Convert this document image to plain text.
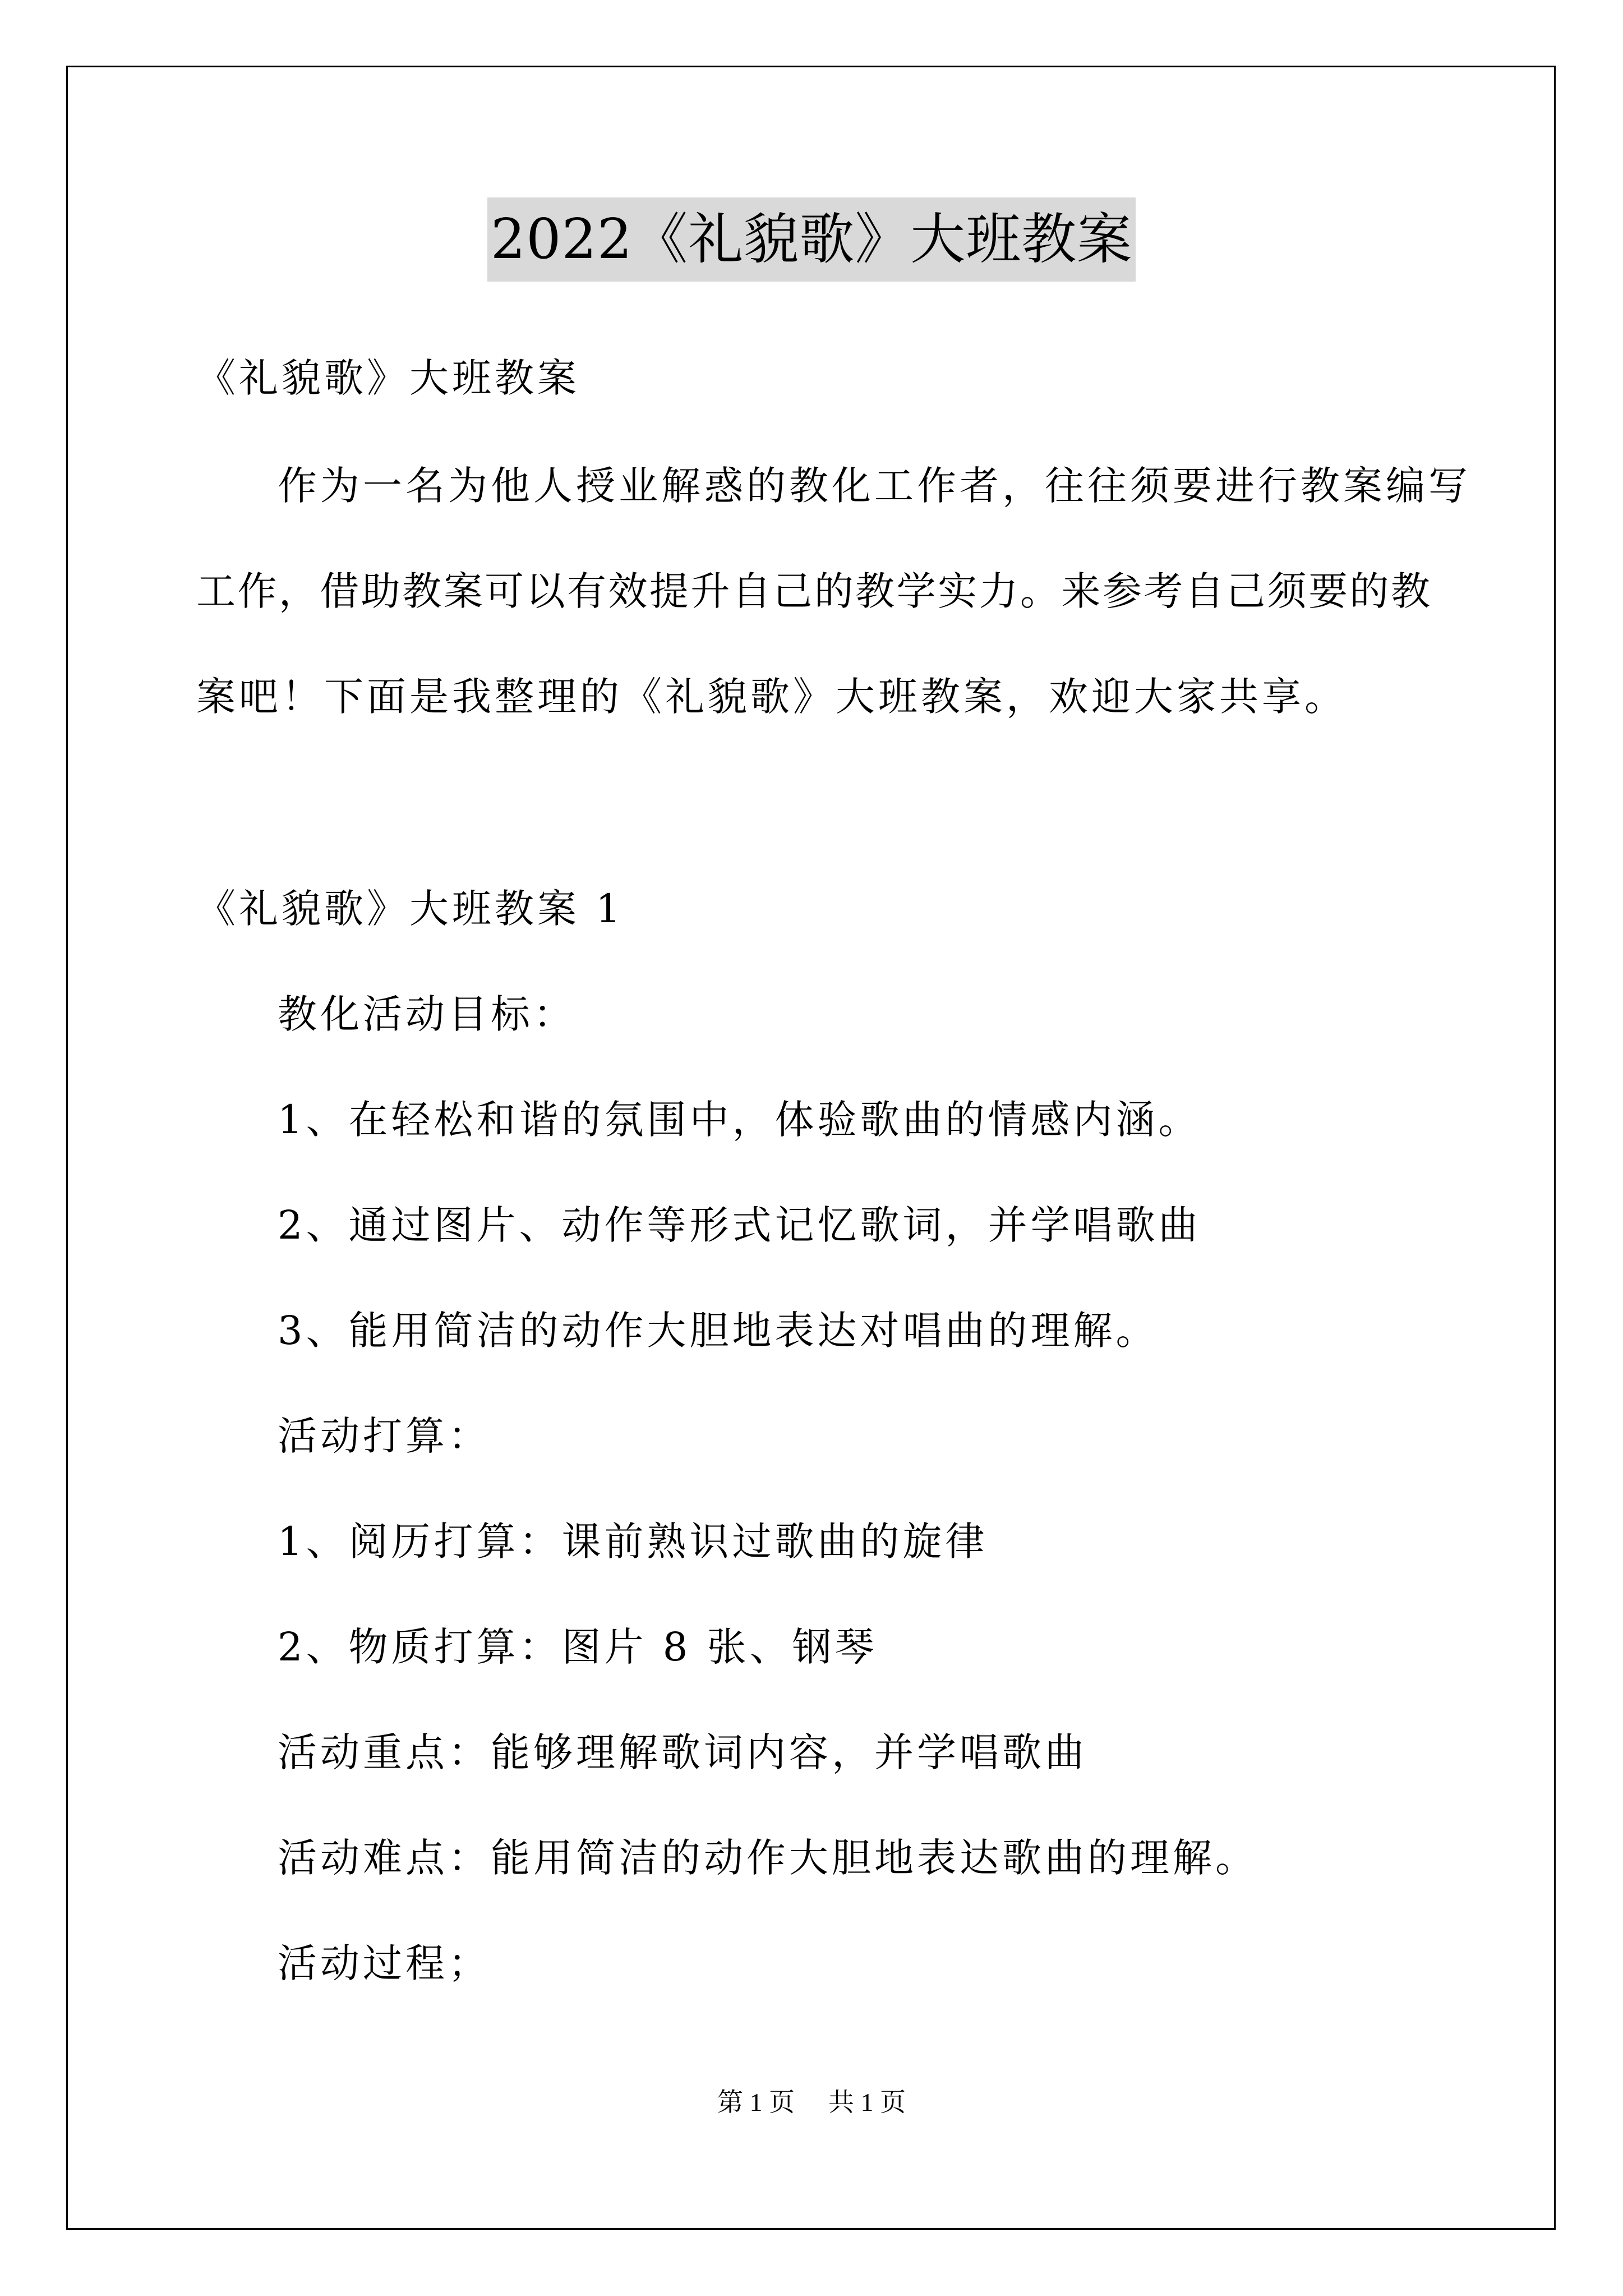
2022《礼貌歌》大班教案
《礼貌歌》大班教案
作为一名为他人授业解惑的教化工作者，往往须要进行教案编写
工作，借助教案可以有效提升自己的教学实力。来参考自己须要的教
案吧！下面是我整理的《礼貌歌》大班教案，欢迎大家共享。
《礼貌歌》大班教案 1
教化活动目标：
1、在轻松和谐的氛围中，体验歌曲的情感内涵。
2、通过图片、动作等形式记忆歌词，并学唱歌曲
3、能用简洁的动作大胆地表达对唱曲的理解。
活动打算：
1、阅历打算：课前熟识过歌曲的旋律
2、物质打算：图片 8 张、钢琴
活动重点：能够理解歌词内容，并学唱歌曲
活动难点：能用简洁的动作大胆地表达歌曲的理解。
活动过程；
第 1 页 共 1 页
